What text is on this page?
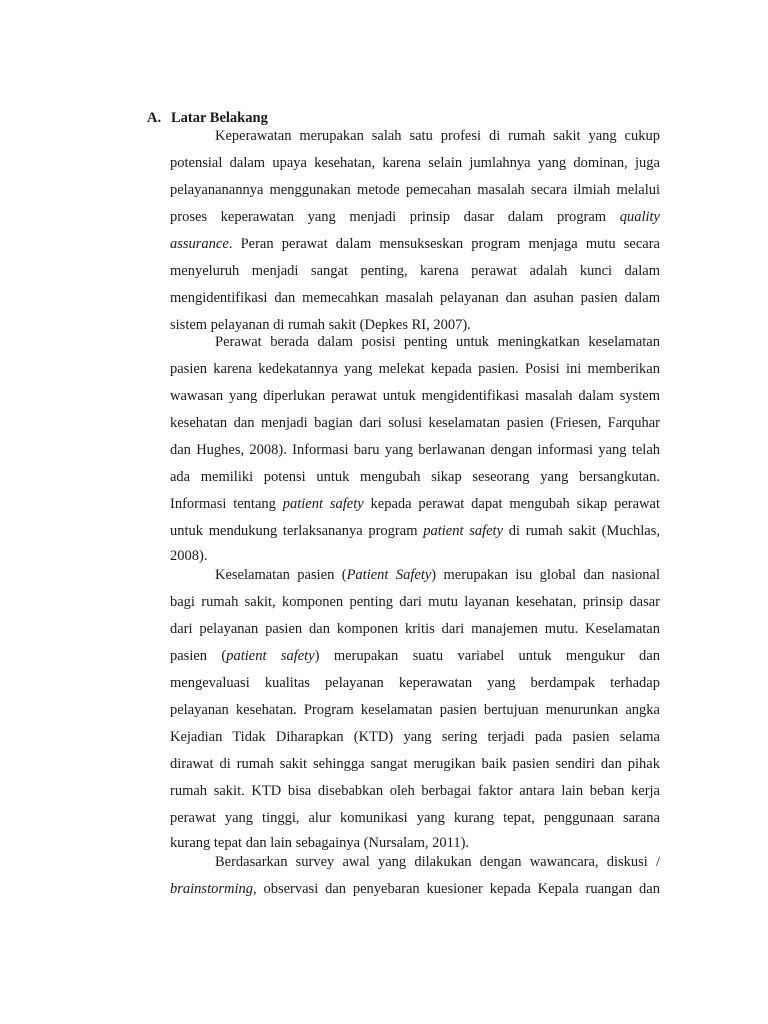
A. Latar Belakang
Keperawatan merupakan salah satu profesi di rumah sakit yang cukup
potensial dalam upaya kesehatan, karena selain jumlahnya yang dominan, juga
pelayananannya menggunakan metode pemecahan masalah secara ilmiah melalui
proses keperawatan yang menjadi prinsip dasar dalam program quality
assurance. Peran perawat dalam mensukseskan program menjaga mutu secara
menyeluruh menjadi sangat penting, karena perawat adalah kunci dalam
mengidentifikasi dan memecahkan masalah pelayanan dan asuhan pasien dalam
sistem pelayanan di rumah sakit (Depkes RI, 2007).
Perawat berada dalam posisi penting untuk meningkatkan keselamatan
pasien karena kedekatannya yang melekat kepada pasien. Posisi ini memberikan
wawasan yang diperlukan perawat untuk mengidentifikasi masalah dalam system
kesehatan dan menjadi bagian dari solusi keselamatan pasien (Friesen, Farquhar
dan Hughes, 2008). Informasi baru yang berlawanan dengan informasi yang telah
ada memiliki potensi untuk mengubah sikap seseorang yang bersangkutan.
Informasi tentang patient safety kepada perawat dapat mengubah sikap perawat
untuk mendukung terlaksananya program patient safety di rumah sakit (Muchlas,
2008).
Keselamatan pasien (Patient Safety) merupakan isu global dan nasional
bagi rumah sakit, komponen penting dari mutu layanan kesehatan, prinsip dasar
dari pelayanan pasien dan komponen kritis dari manajemen mutu. Keselamatan
pasien (patient safety) merupakan suatu variabel untuk mengukur dan
mengevaluasi kualitas pelayanan keperawatan yang berdampak terhadap
pelayanan kesehatan. Program keselamatan pasien bertujuan menurunkan angka
Kejadian Tidak Diharapkan (KTD) yang sering terjadi pada pasien selama
dirawat di rumah sakit sehingga sangat merugikan baik pasien sendiri dan pihak
rumah sakit. KTD bisa disebabkan oleh berbagai faktor antara lain beban kerja
perawat yang tinggi, alur komunikasi yang kurang tepat, penggunaan sarana
kurang tepat dan lain sebagainya (Nursalam, 2011).
Berdasarkan survey awal yang dilakukan dengan wawancara, diskusi /
brainstorming, observasi dan penyebaran kuesioner kepada Kepala ruangan dan
